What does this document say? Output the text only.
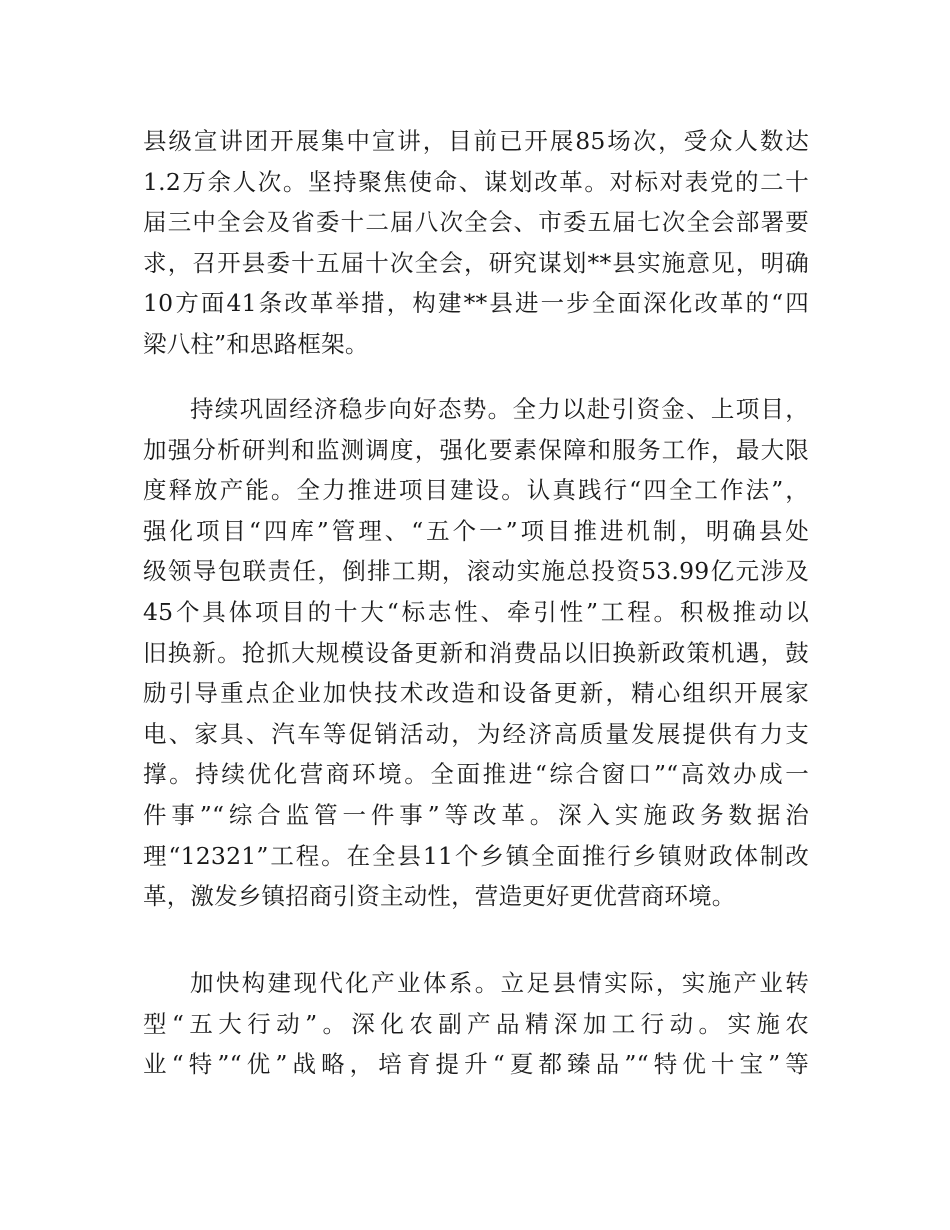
县级宣讲团开展集中宣讲，目前已开展85场次，受众人数达
1.2万余人次。坚持聚焦使命、谋划改革。对标对表党的二十
届三中全会及省委十二届八次全会、市委五届七次全会部署要
求，召开县委十五届十次全会，研究谋划**县实施意见，明确
10方面41条改革举措，构建**县进一步全面深化改革的“四
梁八柱”和思路框架。
持续巩固经济稳步向好态势。全力以赴引资金、上项目，
加强分析研判和监测调度，强化要素保障和服务工作，最大限
度释放产能。全力推进项目建设。认真践行“四全工作法”，
强化项目“四库”管理、“五个一”项目推进机制，明确县处
级领导包联责任，倒排工期，滚动实施总投资53.99亿元涉及
45个具体项目的十大“标志性、牵引性”工程。积极推动以
旧换新。抢抓大规模设备更新和消费品以旧换新政策机遇，鼓
励引导重点企业加快技术改造和设备更新，精心组织开展家
电、家具、汽车等促销活动，为经济高质量发展提供有力支
撑。持续优化营商环境。全面推进“综合窗口”“高效办成一
件事”“综合监管一件事”等改革。深入实施政务数据治
理“12321”工程。在全县11个乡镇全面推行乡镇财政体制改
革，激发乡镇招商引资主动性，营造更好更优营商环境。
加快构建现代化产业体系。立足县情实际，实施产业转
型“五大行动”。深化农副产品精深加工行动。实施农
业“特”“优”战略，培育提升“夏都臻品”“特优十宝”等
